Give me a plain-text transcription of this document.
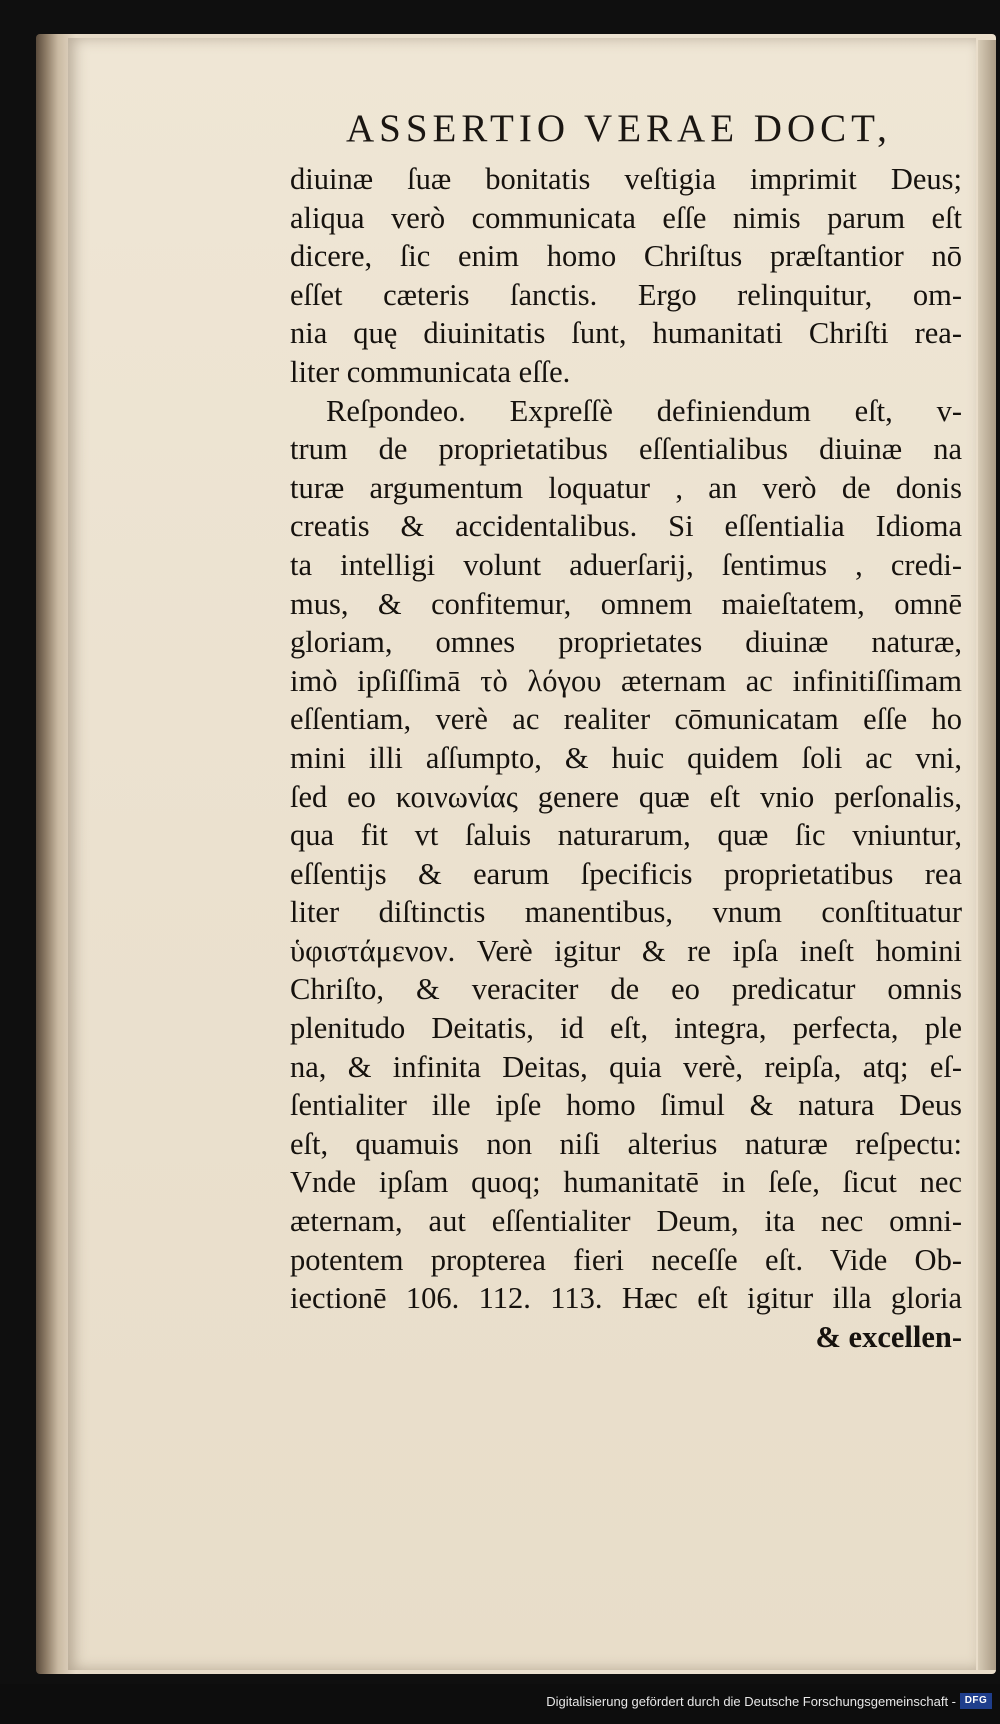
ASSERTIO VERAE DOCT,
diuinæ ſuæ bonitatis veſtigia imprimit Deus;
aliqua verò communicata eſſe nimis parum eſt
dicere, ſic enim homo Chriſtus præſtantior nō
eſſet cæteris ſanctis. Ergo relinquitur, om-
nia quę diuinitatis ſunt, humanitati Chriſti rea-
liter communicata eſſe.
Reſpondeo. Expreſſè definiendum eſt, v-
trum de proprietatibus eſſentialibus diuinæ na
turæ argumentum loquatur , an verò de donis
creatis & accidentalibus. Si eſſentialia Idioma
ta intelligi volunt aduerſarij, ſentimus , credi-
mus, & confitemur, omnem maieſtatem, omnē
gloriam, omnes proprietates diuinæ naturæ,
imò ipſiſſimā τὸ λόγου æternam ac infinitiſſimam
eſſentiam, verè ac realiter cōmunicatam eſſe ho
mini illi aſſumpto, & huic quidem ſoli ac vni,
ſed eo κοινωνίας genere quæ eſt vnio perſonalis,
qua fit vt ſaluis naturarum, quæ ſic vniuntur,
eſſentijs & earum ſpecificis proprietatibus rea
liter diſtinctis manentibus, vnum conſtituatur
ὑφιστάμενον. Verè igitur & re ipſa ineſt homini
Chriſto, & veraciter de eo predicatur omnis
plenitudo Deitatis, id eſt, integra, perfecta, ple
na, & infinita Deitas, quia verè, reipſa, atq; eſ-
ſentialiter ille ipſe homo ſimul & natura Deus
eſt, quamuis non niſi alterius naturæ reſpectu:
Vnde ipſam quoq; humanitatē in ſeſe, ſicut nec
æternam, aut eſſentialiter Deum, ita nec omni-
potentem propterea fieri neceſſe eſt. Vide Ob-
iectionē 106. 112. 113. Hæc eſt igitur illa gloria
& excellen-
Digitalisierung gefördert durch die Deutsche Forschungsgemeinschaft - DFG
